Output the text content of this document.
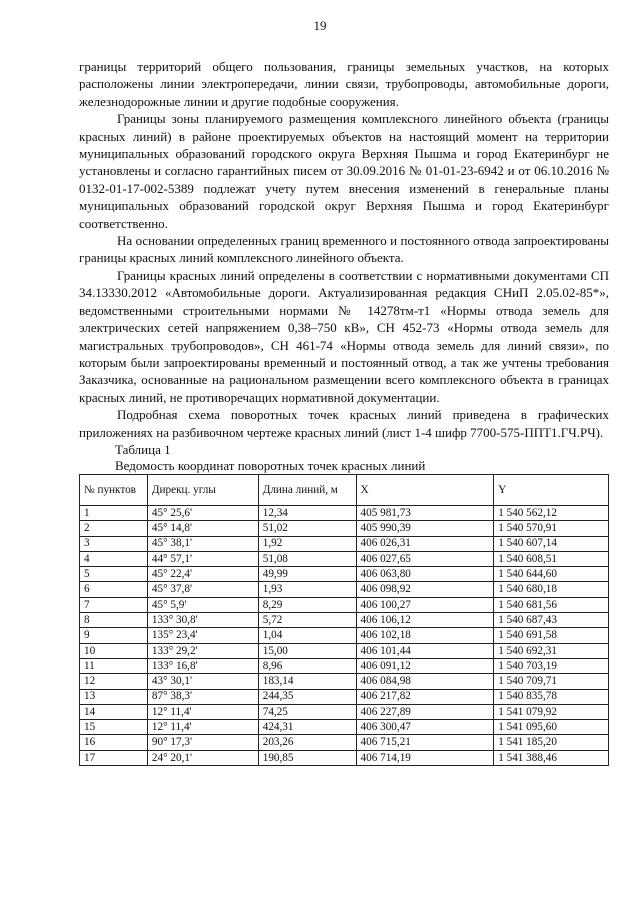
19

границы территорий общего пользования, границы земельных участков, на которых расположены линии электропередачи, линии связи, трубопроводы, автомобильные дороги, железнодорожные линии и другие подобные сооружения.

Границы зоны планируемого размещения комплексного линейного объекта (границы красных линий) в районе проектируемых объектов на настоящий момент на территории муниципальных образований городского округа Верхняя Пышма и город Екатеринбург не установлены и согласно гарантийных писем от 30.09.2016 № 01-01-23-6942 и от 06.10.2016 № 0132-01-17-002-5389 подлежат учету путем внесения изменений в генеральные планы муниципальных образований городской округ Верхняя Пышма и город Екатеринбург соответственно.

На основании определенных границ временного и постоянного отвода запроектированы границы красных линий комплексного линейного объекта.

Границы красных линий определены в соответствии с нормативными документами СП 34.13330.2012 «Автомобильные дороги. Актуализированная редакция СНиП 2.05.02-85*», ведомственными строительными нормами № 14278тм-т1 «Нормы отвода земель для электрических сетей напряжением 0,38–750 кВ», СН 452-73 «Нормы отвода земель для магистральных трубопроводов», СН 461-74 «Нормы отвода земель для линий связи», по которым были запроектированы временный и постоянный отвод, а так же учтены требования Заказчика, основанные на рациональном размещении всего комплексного объекта в границах красных линий, не противоречащих нормативной документации.

Подробная схема поворотных точек красных линий приведена в графических приложениях на разбивочном чертеже красных линий (лист 1-4 шифр 7700-575-ППТ1.ГЧ.РЧ).

Таблица 1

Ведомость координат поворотных точек красных линий

№ пунктов	Дирекц. углы	Длина линий, м	X	Y
1	45° 25,6'	12,34	405 981,73	1 540 562,12
2	45° 14,8'	51,02	405 990,39	1 540 570,91
3	45° 38,1'	1,92	406 026,31	1 540 607,14
4	44° 57,1'	51,08	406 027,65	1 540 608,51
5	45° 22,4'	49,99	406 063,80	1 540 644,60
6	45° 37,8'	1,93	406 098,92	1 540 680,18
7	45° 5,9'	8,29	406 100,27	1 540 681,56
8	133° 30,8'	5,72	406 106,12	1 540 687,43
9	135° 23,4'	1,04	406 102,18	1 540 691,58
10	133° 29,2'	15,00	406 101,44	1 540 692,31
11	133° 16,8'	8,96	406 091,12	1 540 703,19
12	43° 30,1'	183,14	406 084,98	1 540 709,71
13	87° 38,3'	244,35	406 217,82	1 540 835,78
14	12° 11,4'	74,25	406 227,89	1 541 079,92
15	12° 11,4'	424,31	406 300,47	1 541 095,60
16	90° 17,3'	203,26	406 715,21	1 541 185,20
17	24° 20,1'	190,85	406 714,19	1 541 388,46
